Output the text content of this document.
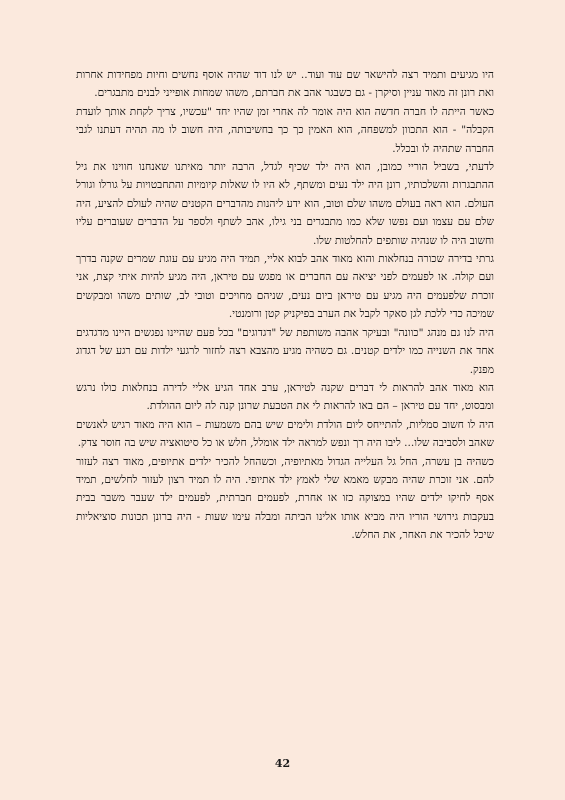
היו מגיעים ותמיד רצה להישאר שם עוד ועוד.. יש לנו דוד שהיה אוסף נחשים וחיות מפחידות אחרות ואת רונן זה מאוד עניין וסיקרן - גם כשבגר אהב את חברתם, משהו שמחות אופייני לבנים מתבגרים.

כאשר הייתה לו חברה חדשה הוא היה אומר לה אחרי זמן שהיו יחד "עכשיו, צריך לקחת אותך לועדת הקבלה" - הוא התכוון למשפחה, הוא האמין כך כך בחשיבותה, היה חשוב לו מה תהיה דעתנו לגבי החברה שתהיה לו ובכלל.

לדעתי, בשביל הוריי כמובן, הוא היה ילד שכיף לגדל, הרבה יותר מאיתנו שאנחנו חווינו את גיל ההתבגרות והשלכותיו, רונן היה ילד נעים ומשתף, לא היו לו שאלות קיומיות והתחבטויות על גורלו וגורל העולם. הוא ראה בעולם משהו שלם וטוב, הוא ידע ליהנות מהדברים הקטנים שהיה לעולם להציע, היה שלם עם עצמו ועם נפשו שלא כמו מתבגרים בני גילו, אהב לשתף ולספר על הדברים שעוברים עליו וחשוב היה לו שנהיה שותפים להחלטות שלו.

גרתי בדירה שכורה בנחלאות והוא מאוד אהב לבוא אליי, תמיד היה מגיע עם עוגת שמרים שקנה בדרך ועם קולה. או לפעמים לפני יציאה עם החברים או מפגש עם טיראן, היה מגיע להיות איתי קצת, אני זוכרת שלפעמים היה מגיע עם טיראן ביום נעים, שניהם מחויכים וטובי לב, שותים משהו ומבקשים שמיכה כדי ללכת לגן סאקר לקבל את הערב בפיקניק קטן ורומנטי.

היה לנו גם מנהג "כוונה" ובעיקר אהבה משותפת של "דגדוגים" בכל פעם שהיינו נפגשים היינו מדגדגים אחד את השנייה כמו ילדים קטנים. גם כשהיה מגיע מהצבא רצה לחזור לרגעי ילדות עם רגע של דגדוג מפנק.

הוא מאוד אהב להראות לי דברים שקנה לטיראן, ערב אחד הגיע אליי לדירה בנחלאות כולו נרגש ומבסוט, יחד עם טיראן – הם באו להראות לי את הטבעת שרונן קנה לה ליום ההולדת.

היה לו חשוב סמליות, להתייחס ליום הולדת ולימים שיש בהם משמעות – הוא היה מאוד רגיש לאנשים שאהב ולסביבה שלו... ליבו היה רך ונפש למראה ילד אומלל, חלש או כל סיטואציה שיש בה חוסר צדק.

כשהיה בן עשרה, החל גל העלייה הגדול מאתיופיה, וכשהחל להכיר ילדים אתיופים, מאוד רצה לעזור להם. אני זוכרת שהיה מבקש מאמא שלי לאמץ ילד אתיופי. היה לו תמיד רצון לעזור לחלשים, תמיד אסף לחיקו ילדים שהיו במצוקה כזו או אחרת, לפעמים חברתית, לפעמים ילד שעבר משבר בבית בעקבות גירושי הוריו היה מביא אותו אלינו הביתה ומבלה עימו שעות - היה ברונן תכונות סוציאליות שיכל להכיר את האחר, את החלש.

42
